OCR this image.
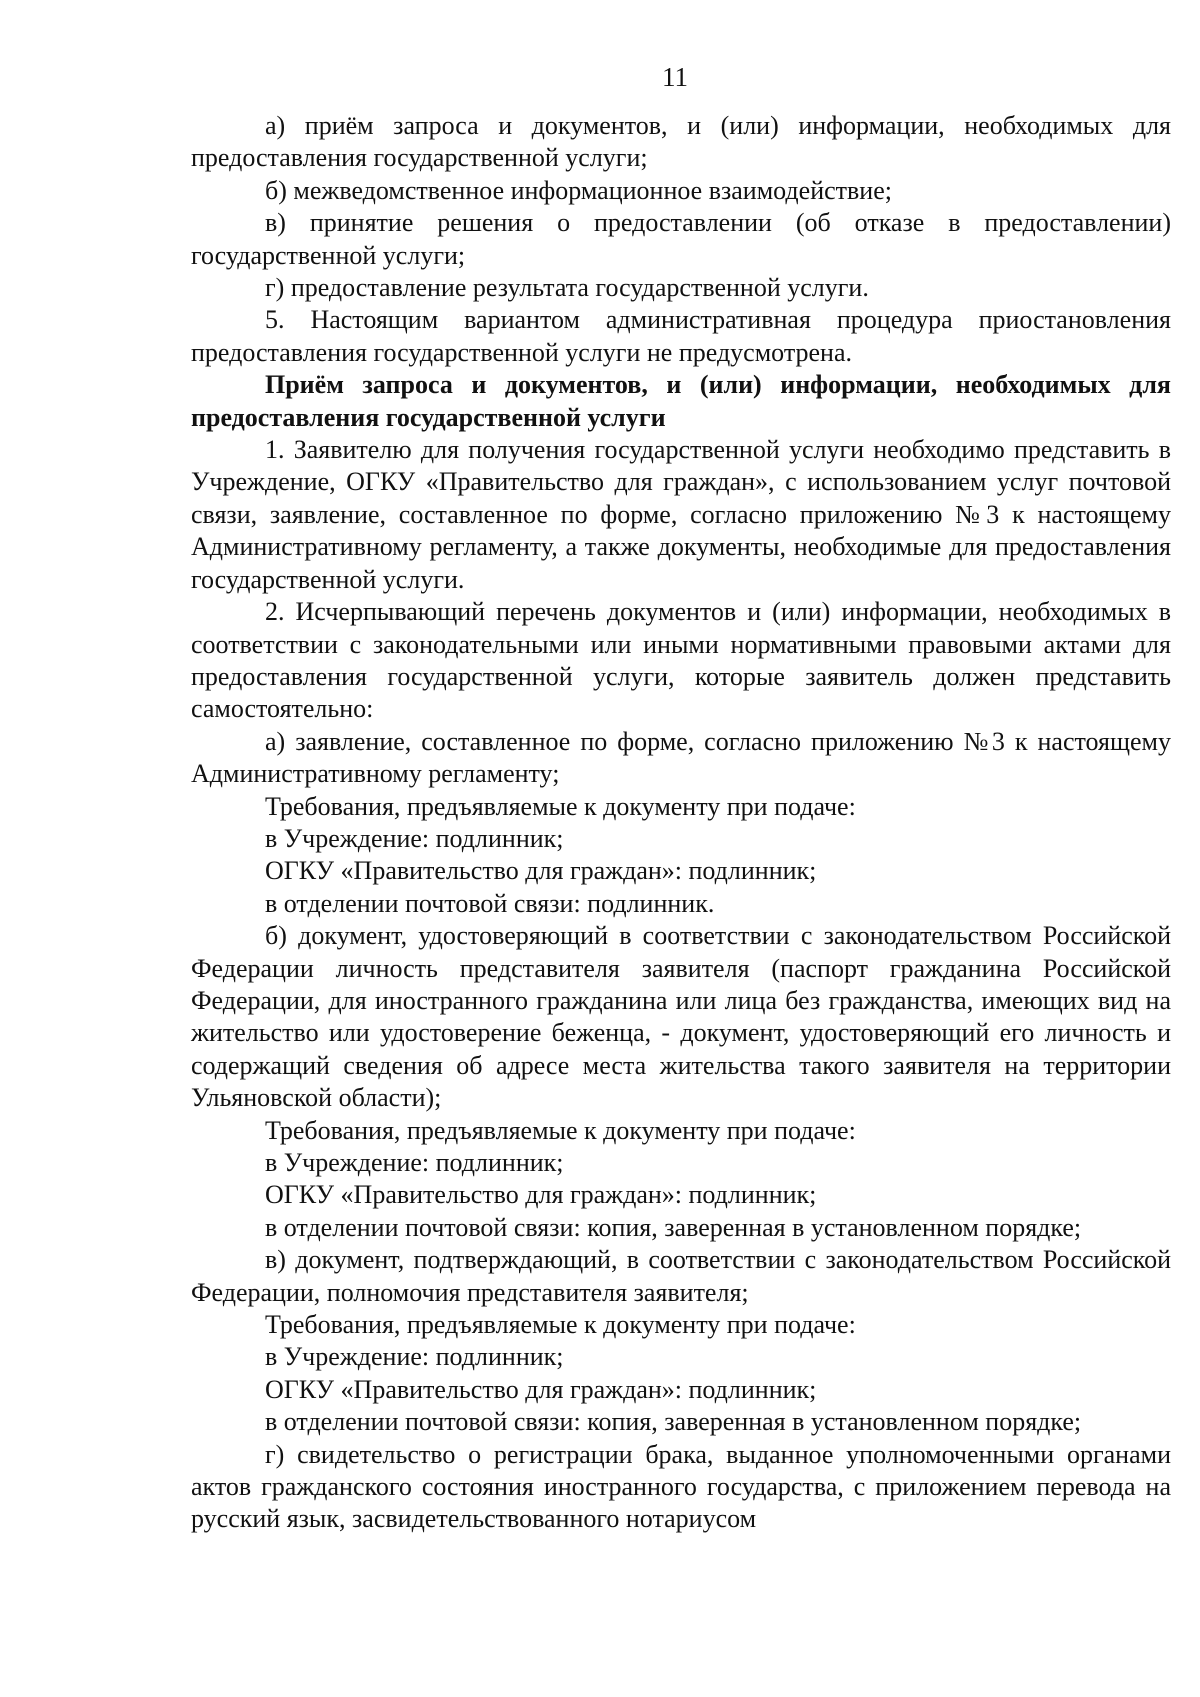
11

а) приём запроса и документов, и (или) информации, необходимых для предоставления государственной услуги;

б) межведомственное информационное взаимодействие;

в) принятие решения о предоставлении (об отказе в предоставлении) государственной услуги;

г) предоставление результата государственной услуги.

5. Настоящим вариантом административная процедура приостановления предоставления государственной услуги не предусмотрена.

Приём запроса и документов, и (или) информации, необходимых для предоставления государственной услуги

1. Заявителю для получения государственной услуги необходимо представить в Учреждение, ОГКУ «Правительство для граждан», с использованием услуг почтовой связи, заявление, составленное по форме, согласно приложению №3 к настоящему Административному регламенту, а также документы, необходимые для предоставления государственной услуги.

2. Исчерпывающий перечень документов и (или) информации, необходимых в соответствии с законодательными или иными нормативными правовыми актами для предоставления государственной услуги, которые заявитель должен представить самостоятельно:

а) заявление, составленное по форме, согласно приложению №3 к настоящему Административному регламенту;

Требования, предъявляемые к документу при подаче:

в Учреждение: подлинник;

ОГКУ «Правительство для граждан»: подлинник;

в отделении почтовой связи: подлинник.

б) документ, удостоверяющий в соответствии с законодательством Российской Федерации личность представителя заявителя (паспорт гражданина Российской Федерации, для иностранного гражданина или лица без гражданства, имеющих вид на жительство или удостоверение беженца, - документ, удостоверяющий его личность и содержащий сведения об адресе места жительства такого заявителя на территории Ульяновской области);

Требования, предъявляемые к документу при подаче:

в Учреждение: подлинник;

ОГКУ «Правительство для граждан»: подлинник;

в отделении почтовой связи: копия, заверенная в установленном порядке;

в) документ, подтверждающий, в соответствии с законодательством Российской Федерации, полномочия представителя заявителя;

Требования, предъявляемые к документу при подаче:

в Учреждение: подлинник;

ОГКУ «Правительство для граждан»: подлинник;

в отделении почтовой связи: копия, заверенная в установленном порядке;

г) свидетельство о регистрации брака, выданное уполномоченными органами актов гражданского состояния иностранного государства, с приложением перевода на русский язык, засвидетельствованного нотариусом
